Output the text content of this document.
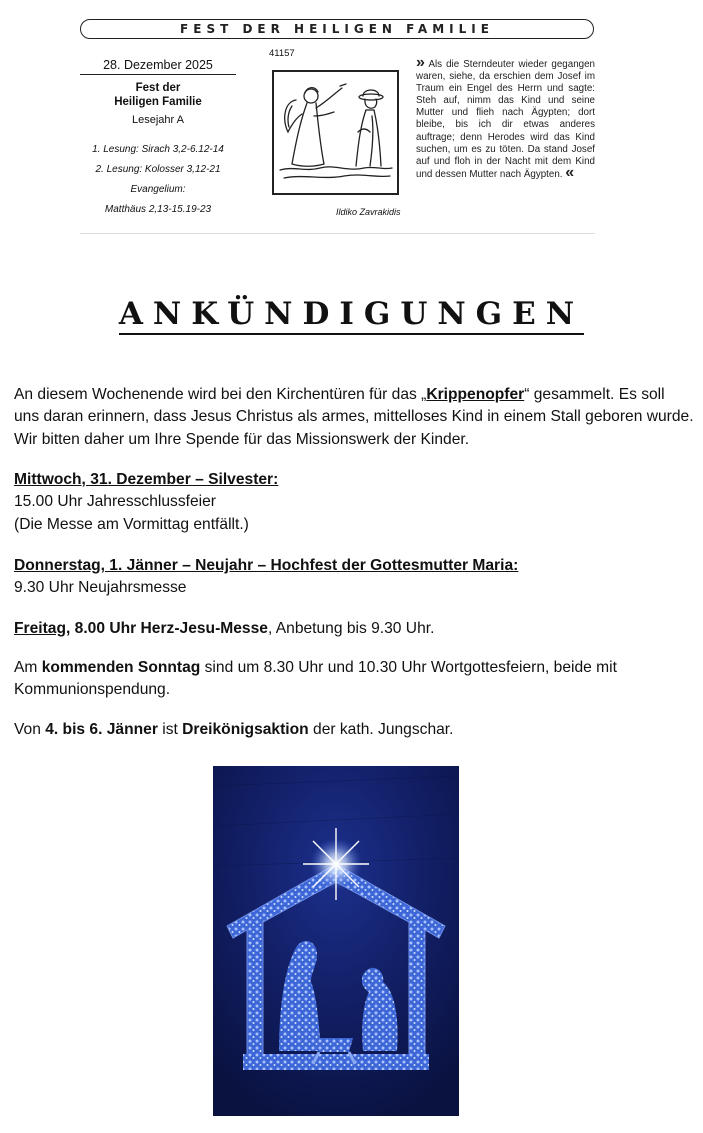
FEST DER HEILIGEN FAMILIE
28. Dezember 2025
Fest der
Heiligen Familie
Lesejahr A
1. Lesung: Sirach 3,2-6.12-14
2. Lesung: Kolosser 3,12-21
Evangelium:
Matthäus 2,13-15.19-23
41157
Ildiko Zavrakidis
» Als die Sterndeuter wieder gegangen waren, siehe, da erschien dem Josef im Traum ein Engel des Herrn und sagte: Steh auf, nimm das Kind und seine Mutter und flieh nach Ägypten; dort bleibe, bis ich dir etwas anderes auftrage; denn Herodes wird das Kind suchen, um es zu töten. Da stand Josef auf und floh in der Nacht mit dem Kind und dessen Mutter nach Ägypten. «
ANKÜNDIGUNGEN
An diesem Wochenende wird bei den Kirchentüren für das „Krippenopfer“ gesammelt. Es soll uns daran erinnern, dass Jesus Christus als armes, mittelloses Kind in einem Stall geboren wurde. Wir bitten daher um Ihre Spende für das Missionswerk der Kinder.
Mittwoch, 31. Dezember – Silvester:
15.00 Uhr Jahresschlussfeier
(Die Messe am Vormittag entfällt.)
Donnerstag, 1. Jänner – Neujahr – Hochfest der Gottesmutter Maria:
9.30 Uhr Neujahrsmesse
Freitag, 8.00 Uhr Herz-Jesu-Messe, Anbetung bis 9.30 Uhr.
Am kommenden Sonntag sind um 8.30 Uhr und 10.30 Uhr Wortgottesfeiern, beide mit Kommunionspendung.
Von 4. bis 6. Jänner ist Dreikönigsaktion der kath. Jungschar.
